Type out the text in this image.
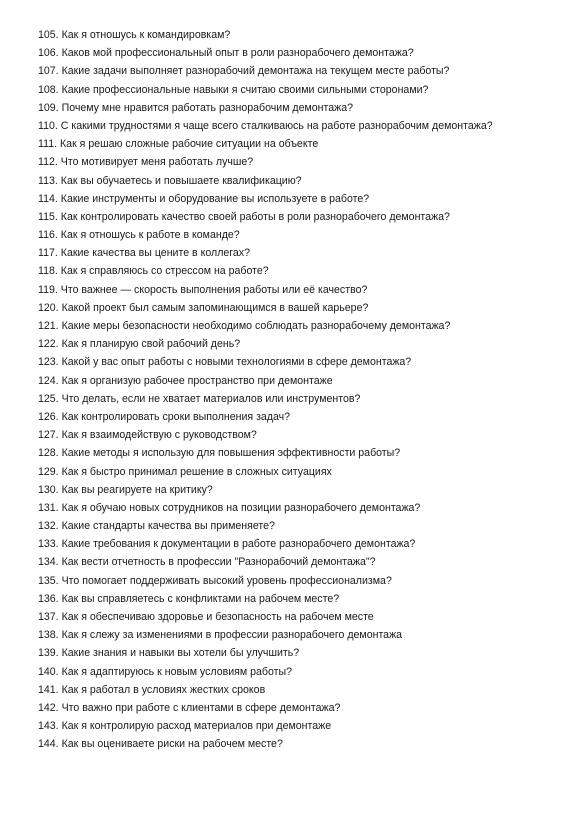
105. Как я отношусь к командировкам?
106. Каков мой профессиональный опыт в роли разнорабочего демонтажа?
107. Какие задачи выполняет разнорабочий демонтажа на текущем месте работы?
108. Какие профессиональные навыки я считаю своими сильными сторонами?
109. Почему мне нравится работать разнорабочим демонтажа?
110. С какими трудностями я чаще всего сталкиваюсь на работе разнорабочим демонтажа?
111. Как я решаю сложные рабочие ситуации на объекте
112. Что мотивирует меня работать лучше?
113. Как вы обучаетесь и повышаете квалификацию?
114. Какие инструменты и оборудование вы используете в работе?
115. Как контролировать качество своей работы в роли разнорабочего демонтажа?
116. Как я отношусь к работе в команде?
117. Какие качества вы цените в коллегах?
118. Как я справляюсь со стрессом на работе?
119. Что важнее — скорость выполнения работы или её качество?
120. Какой проект был самым запоминающимся в вашей карьере?
121. Какие меры безопасности необходимо соблюдать разнорабочему демонтажа?
122. Как я планирую свой рабочий день?
123. Какой у вас опыт работы с новыми технологиями в сфере демонтажа?
124. Как я организую рабочее пространство при демонтаже
125. Что делать, если не хватает материалов или инструментов?
126. Как контролировать сроки выполнения задач?
127. Как я взаимодействую с руководством?
128. Какие методы я использую для повышения эффективности работы?
129. Как я быстро принимал решение в сложных ситуациях
130. Как вы реагируете на критику?
131. Как я обучаю новых сотрудников на позиции разнорабочего демонтажа?
132. Какие стандарты качества вы применяете?
133. Какие требования к документации в работе разнорабочего демонтажа?
134. Как вести отчетность в профессии "Разнорабочий демонтажа"?
135. Что помогает поддерживать высокий уровень профессионализма?
136. Как вы справляетесь с конфликтами на рабочем месте?
137. Как я обеспечиваю здоровье и безопасность на рабочем месте
138. Как я слежу за изменениями в профессии разнорабочего демонтажа
139. Какие знания и навыки вы хотели бы улучшить?
140. Как я адаптируюсь к новым условиям работы?
141. Как я работал в условиях жестких сроков
142. Что важно при работе с клиентами в сфере демонтажа?
143. Как я контролирую расход материалов при демонтаже
144. Как вы оцениваете риски на рабочем месте?
